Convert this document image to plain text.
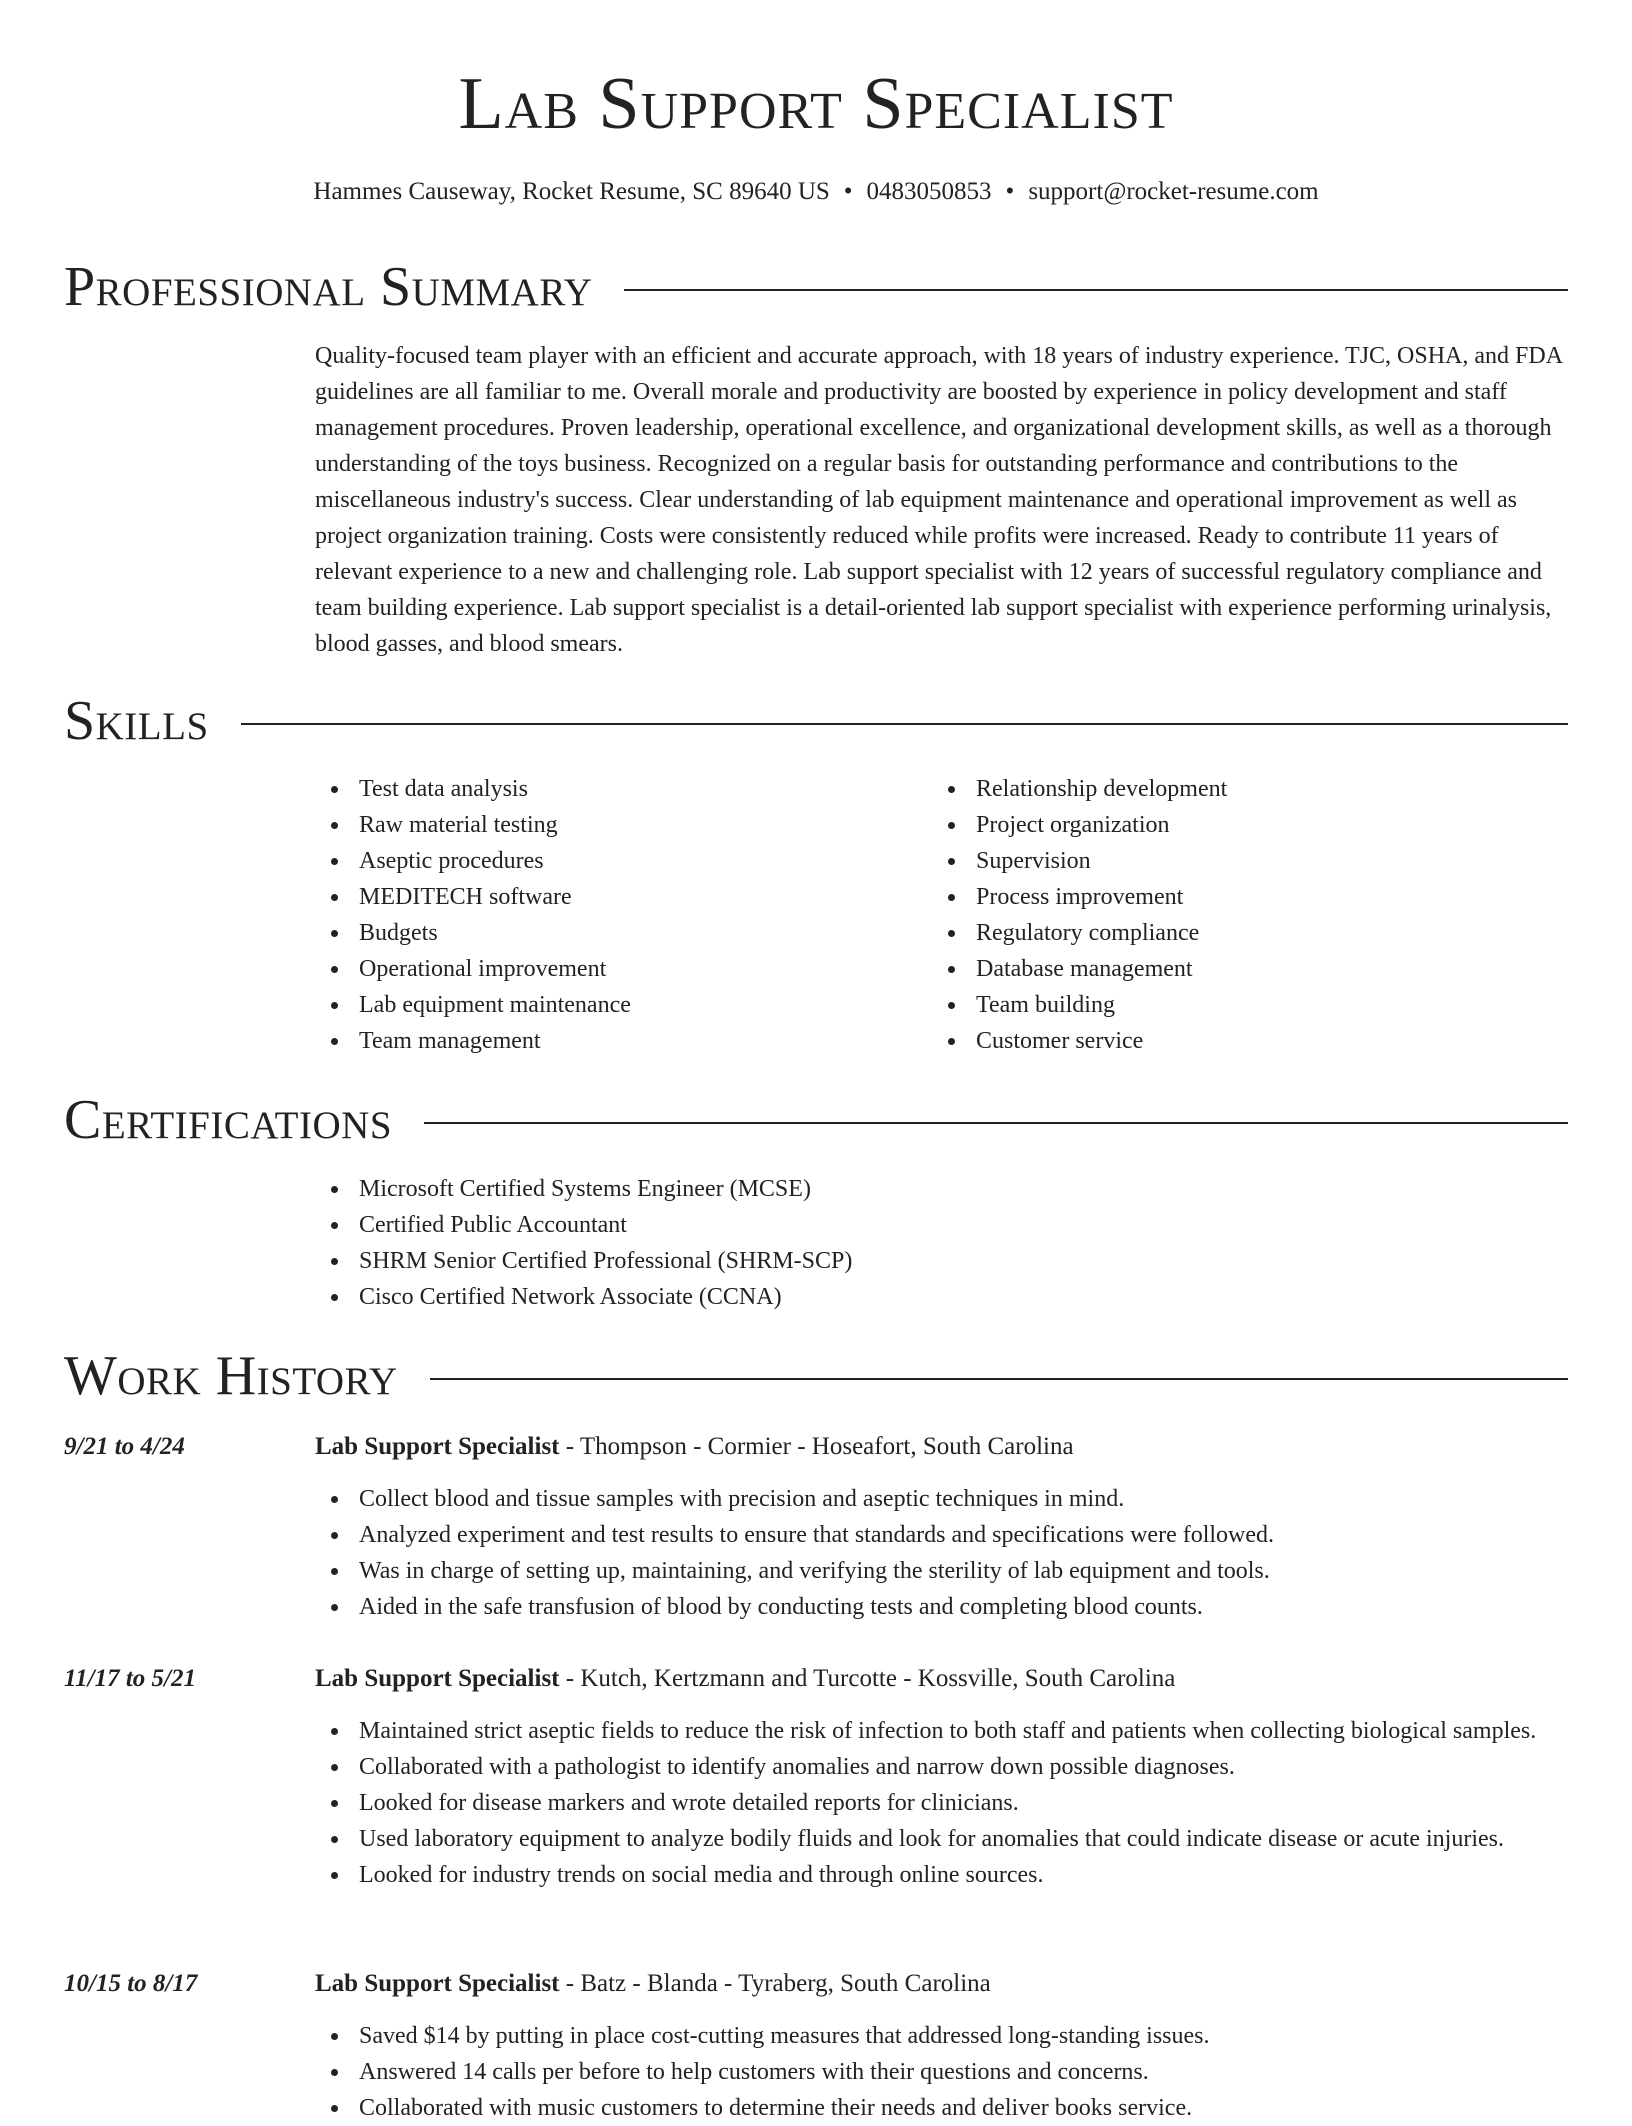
Lab Support Specialist
Hammes Causeway, Rocket Resume, SC 89640 US • 0483050853 • support@rocket-resume.com
Professional Summary

Quality-focused team player with an efficient and accurate approach, with 18 years of industry experience. TJC, OSHA, and FDA guidelines are all familiar to me. Overall morale and productivity are boosted by experience in policy development and staff management procedures. Proven leadership, operational excellence, and organizational development skills, as well as a thorough understanding of the toys business. Recognized on a regular basis for outstanding performance and contributions to the miscellaneous industry's success. Clear understanding of lab equipment maintenance and operational improvement as well as project organization training. Costs were consistently reduced while profits were increased. Ready to contribute 11 years of relevant experience to a new and challenging role. Lab support specialist with 12 years of successful regulatory compliance and team building experience. Lab support specialist is a detail-oriented lab support specialist with experience performing urinalysis, blood gasses, and blood smears.

Skills
Test data analysis
Raw material testing
Aseptic procedures
MEDITECH software
Budgets
Operational improvement
Lab equipment maintenance
Team management
Relationship development
Project organization
Supervision
Process improvement
Regulatory compliance
Database management
Team building
Customer service
Certifications
Microsoft Certified Systems Engineer (MCSE)
Certified Public Accountant
SHRM Senior Certified Professional (SHRM-SCP)
Cisco Certified Network Associate (CCNA)
Work History
9/21 to 4/24	Lab Support Specialist - Thompson - Cormier - Hoseafort, South Carolina
Collect blood and tissue samples with precision and aseptic techniques in mind.
Analyzed experiment and test results to ensure that standards and specifications were followed.
Was in charge of setting up, maintaining, and verifying the sterility of lab equipment and tools.
Aided in the safe transfusion of blood by conducting tests and completing blood counts.
11/17 to 5/21	Lab Support Specialist - Kutch, Kertzmann and Turcotte - Kossville, South Carolina
Maintained strict aseptic fields to reduce the risk of infection to both staff and patients when collecting biological samples.
Collaborated with a pathologist to identify anomalies and narrow down possible diagnoses.
Looked for disease markers and wrote detailed reports for clinicians.
Used laboratory equipment to analyze bodily fluids and look for anomalies that could indicate disease or acute injuries.
Looked for industry trends on social media and through online sources.
10/15 to 8/17	Lab Support Specialist - Batz - Blanda - Tyraberg, South Carolina
Saved $14 by putting in place cost-cutting measures that addressed long-standing issues.
Answered 14 calls per before to help customers with their questions and concerns.
Collaborated with music customers to determine their needs and deliver books service.
